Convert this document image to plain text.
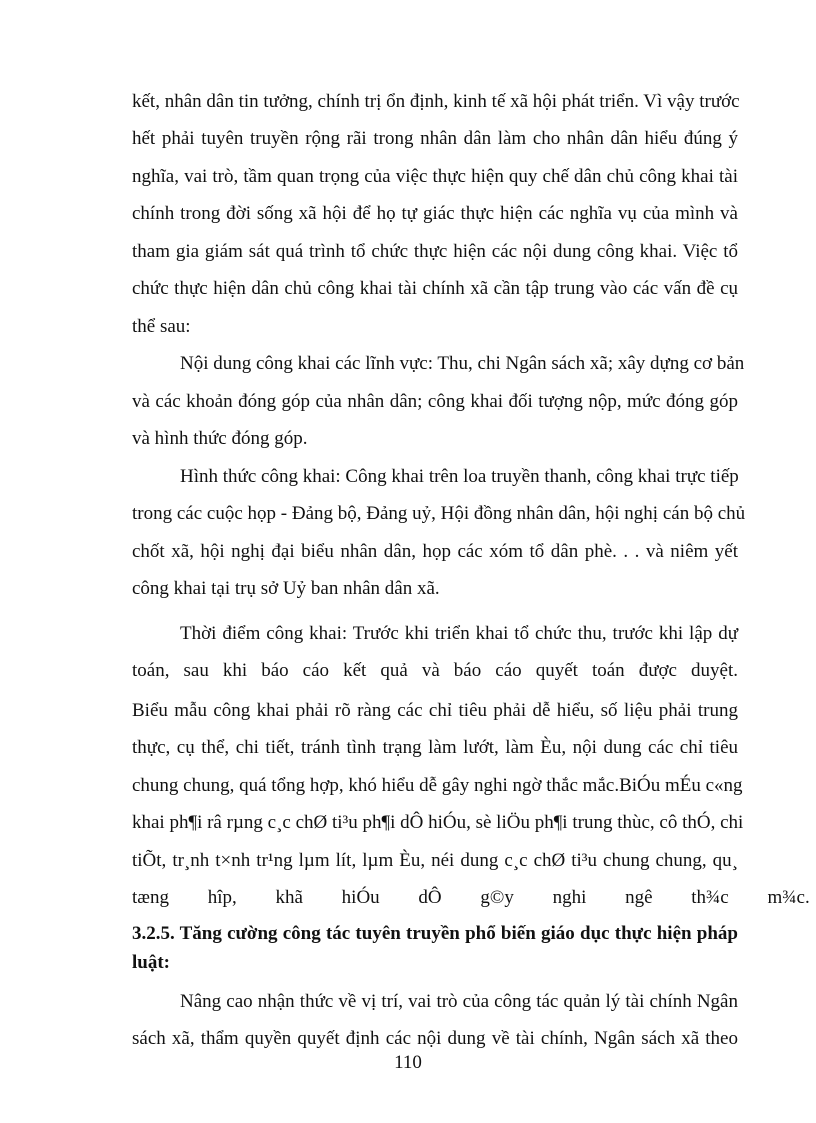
kết, nhân dân tin tưởng, chính trị ổn định, kinh tế xã hội phát triển. Vì vậy trước
hết phải tuyên truyền rộng rãi trong nhân dân làm cho nhân dân hiểu đúng ý
nghĩa, vai trò, tầm quan trọng của việc thực hiện quy chế dân chủ công khai tài
chính trong đời sống xã hội để họ tự giác thực hiện các nghĩa vụ của mình và
tham gia giám sát quá trình tổ chức thực hiện các nội dung công khai. Việc tổ
chức thực hiện dân chủ công khai tài chính xã cần tập trung vào các vấn đề cụ
thể sau:
Nội dung công khai các lĩnh vực: Thu, chi Ngân sách xã; xây dựng cơ bản
và các khoản đóng góp của nhân dân; công khai đối tượng nộp, mức đóng góp
và hình thức đóng góp.
Hình thức công khai: Công khai trên loa truyền thanh, công khai trực tiếp
trong các cuộc họp - Đảng bộ, Đảng uỷ, Hội đồng nhân dân, hội nghị cán bộ chủ
chốt xã, hội nghị đại biểu nhân dân, họp các xóm tổ dân phè. . . và niêm yết
công khai tại trụ sở Uỷ ban nhân dân xã.
Thời điểm công khai: Trước khi triển khai tổ chức thu, trước khi lập dự
toán, sau khi báo cáo kết quả và báo cáo quyết toán được duyệt.
Biểu mẫu công khai phải rõ ràng các chỉ tiêu phải dễ hiểu, số liệu phải trung
thực, cụ thể, chi tiết, tránh tình trạng làm lướt, làm Èu, nội dung các chỉ tiêu
chung chung, quá tổng hợp, khó hiểu dễ gây nghi ngờ thắc mắc.BiÓu mÉu c«ng
khai ph¶i râ rµng c¸c chØ ti³u ph¶i dÔ hiÓu, sè liÖu ph¶i trung thùc, cô thÓ, chi
tiÕt, tr¸nh t×nh tr¹ng lµm lít, lµm Èu, néi dung c¸c chØ ti³u chung chung, qu¸
tæng hîp, khã hiÓu dÔ g©y nghi ngê th¾c m¾c.
3.2.5. Tăng cường công tác tuyên truyền phổ biến giáo dục thực hiện pháp
luật:
Nâng cao nhận thức về vị trí, vai trò của công tác quản lý tài chính Ngân
sách xã, thẩm quyền quyết định các nội dung về tài chính, Ngân sách xã theo
110
